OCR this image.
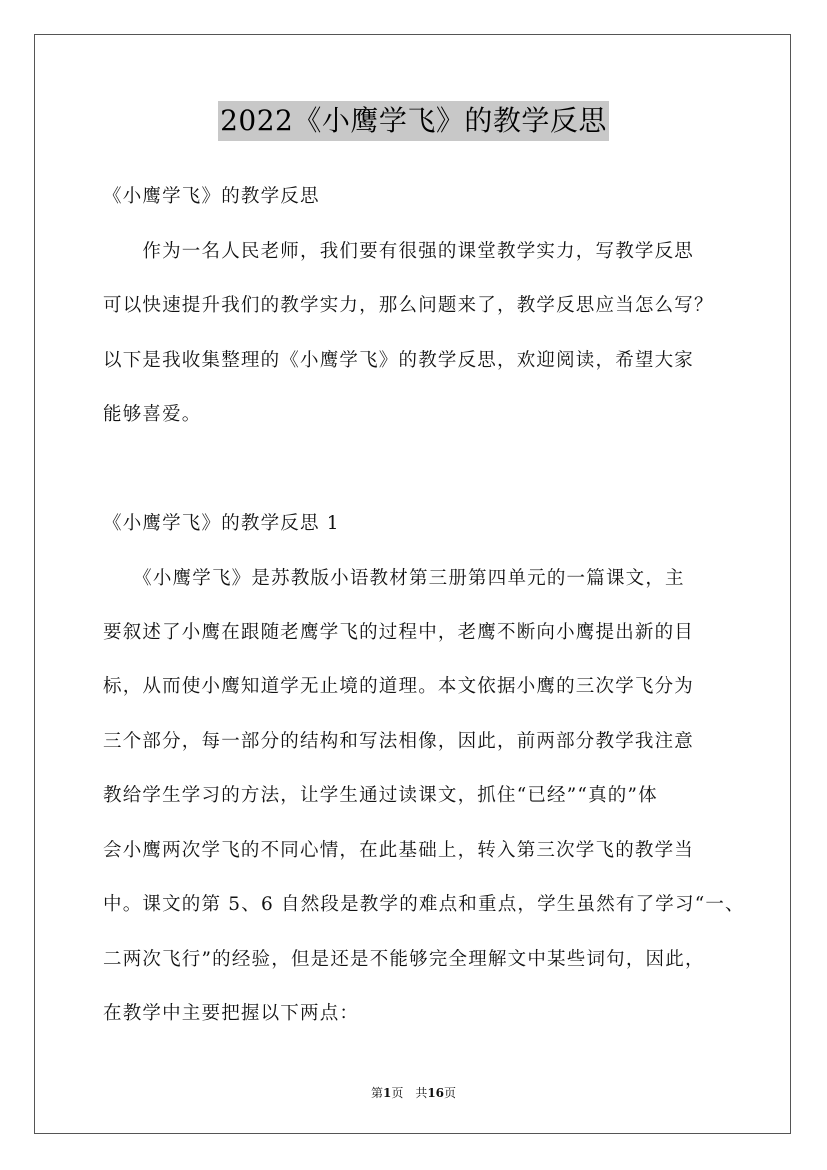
2022《小鹰学飞》的教学反思
《小鹰学飞》的教学反思
　　作为一名人民老师，我们要有很强的课堂教学实力，写教学反思
可以快速提升我们的教学实力，那么问题来了，教学反思应当怎么写？
以下是我收集整理的《小鹰学飞》的教学反思，欢迎阅读，希望大家
能够喜爱。
《小鹰学飞》的教学反思 1
　　《小鹰学飞》是苏教版小语教材第三册第四单元的一篇课文，主
要叙述了小鹰在跟随老鹰学飞的过程中，老鹰不断向小鹰提出新的目
标，从而使小鹰知道学无止境的道理。本文依据小鹰的三次学飞分为
三个部分，每一部分的结构和写法相像，因此，前两部分教学我注意
教给学生学习的方法，让学生通过读课文，抓住“已经”“真的”体
会小鹰两次学飞的不同心情，在此基础上，转入第三次学飞的教学当
中。课文的第 5、6 自然段是教学的难点和重点，学生虽然有了学习“一、
二两次飞行”的经验，但是还是不能够完全理解文中某些词句，因此，
在教学中主要把握以下两点：
第1页　共16页
